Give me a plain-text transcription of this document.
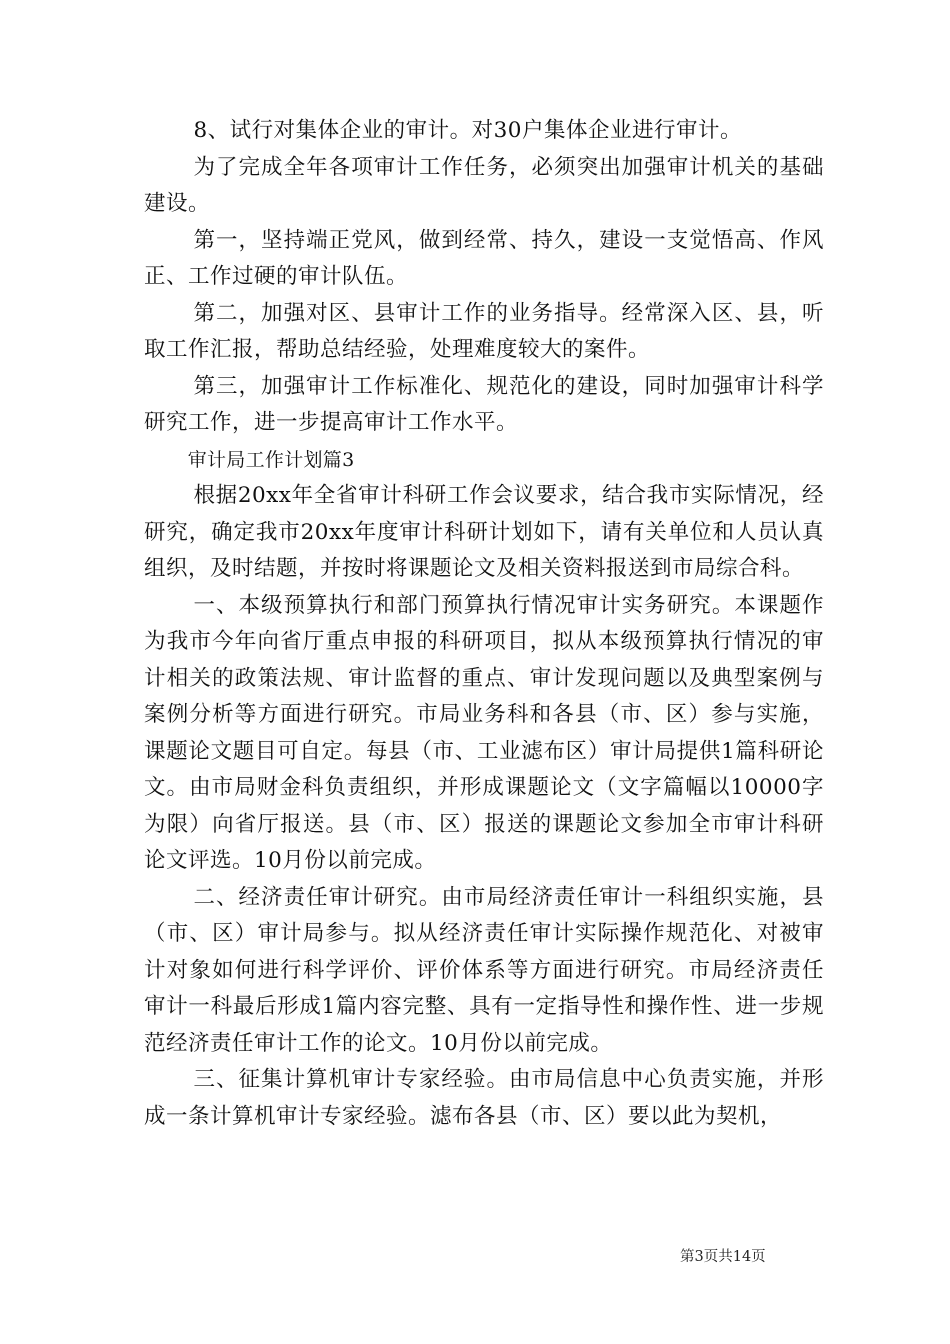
8、试行对集体企业的审计。对30户集体企业进行审计。

为了完成全年各项审计工作任务，必须突出加强审计机关的基础建设。

第一，坚持端正党风，做到经常、持久，建设一支觉悟高、作风正、工作过硬的审计队伍。

第二，加强对区、县审计工作的业务指导。经常深入区、县，听取工作汇报，帮助总结经验，处理难度较大的案件。

第三，加强审计工作标准化、规范化的建设，同时加强审计科学研究工作，进一步提高审计工作水平。

审计局工作计划篇3

根据20xx年全省审计科研工作会议要求，结合我市实际情况，经研究，确定我市20xx年度审计科研计划如下，请有关单位和人员认真组织，及时结题，并按时将课题论文及相关资料报送到市局综合科。

一、本级预算执行和部门预算执行情况审计实务研究。本课题作为我市今年向省厅重点申报的科研项目，拟从本级预算执行情况的审计相关的政策法规、审计监督的重点、审计发现问题以及典型案例与案例分析等方面进行研究。市局业务科和各县（市、区）参与实施，课题论文题目可自定。每县（市、工业滤布区）审计局提供1篇科研论文。由市局财金科负责组织，并形成课题论文（文字篇幅以10000字为限）向省厅报送。县（市、区）报送的课题论文参加全市审计科研论文评选。10月份以前完成。

二、经济责任审计研究。由市局经济责任审计一科组织实施，县（市、区）审计局参与。拟从经济责任审计实际操作规范化、对被审计对象如何进行科学评价、评价体系等方面进行研究。市局经济责任审计一科最后形成1篇内容完整、具有一定指导性和操作性、进一步规范经济责任审计工作的论文。10月份以前完成。

三、征集计算机审计专家经验。由市局信息中心负责实施，并形成一条计算机审计专家经验。滤布各县（市、区）要以此为契机，

第3页共14页
